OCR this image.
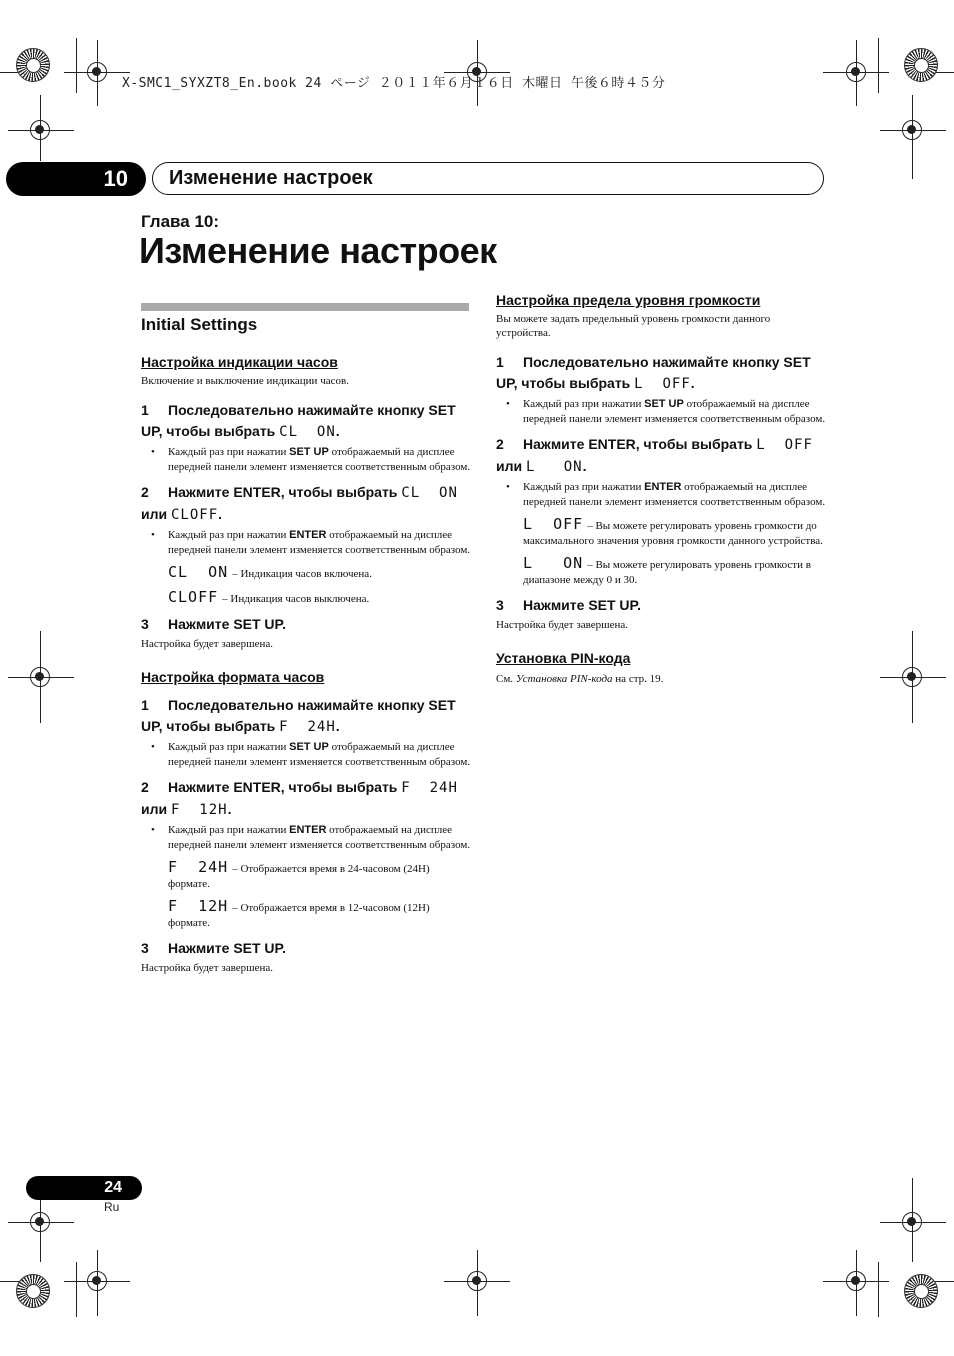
X-SMC1_SYXZT8_En.book 24 ページ ２０１１年６月１６日 木曜日 午後６時４５分
10	Изменение настроек
Глава 10:
Изменение настроек
Initial Settings
Настройка индикации часов
Включение и выключение индикации часов.
1 Последовательно нажимайте кнопку SET UP, чтобы выбрать CL  ON.
• Каждый раз при нажатии SET UP отображаемый на дисплее передней панели элемент изменяется соответственным образом.
2 Нажмите ENTER, чтобы выбрать CL  ON или CLOFF.
• Каждый раз при нажатии ENTER отображаемый на дисплее передней панели элемент изменяется соответственным образом.
CL  ON – Индикация часов включена.
CLOFF – Индикация часов выключена.
3 Нажмите SET UP.
Настройка будет завершена.
Настройка формата часов
1 Последовательно нажимайте кнопку SET UP, чтобы выбрать F  24H.
• Каждый раз при нажатии SET UP отображаемый на дисплее передней панели элемент изменяется соответственным образом.
2 Нажмите ENTER, чтобы выбрать F  24H или F  12H.
• Каждый раз при нажатии ENTER отображаемый на дисплее передней панели элемент изменяется соответственным образом.
F  24H – Отображается время в 24-часовом (24H) формате.
F  12H – Отображается время в 12-часовом (12H) формате.
3 Нажмите SET UP.
Настройка будет завершена.
Настройка предела уровня громкости
Вы можете задать предельный уровень громкости данного устройства.
1 Последовательно нажимайте кнопку SET UP, чтобы выбрать L  OFF.
• Каждый раз при нажатии SET UP отображаемый на дисплее передней панели элемент изменяется соответственным образом.
2 Нажмите ENTER, чтобы выбрать L  OFF или L   ON.
• Каждый раз при нажатии ENTER отображаемый на дисплее передней панели элемент изменяется соответственным образом.
L  OFF – Вы можете регулировать уровень громкости до максимального значения уровня громкости данного устройства.
L   ON – Вы можете регулировать уровень громкости в диапазоне между 0 и 30.
3 Нажмите SET UP.
Настройка будет завершена.
Установка PIN-кода
См. Установка PIN-кода на стр. 19.
24
Ru
